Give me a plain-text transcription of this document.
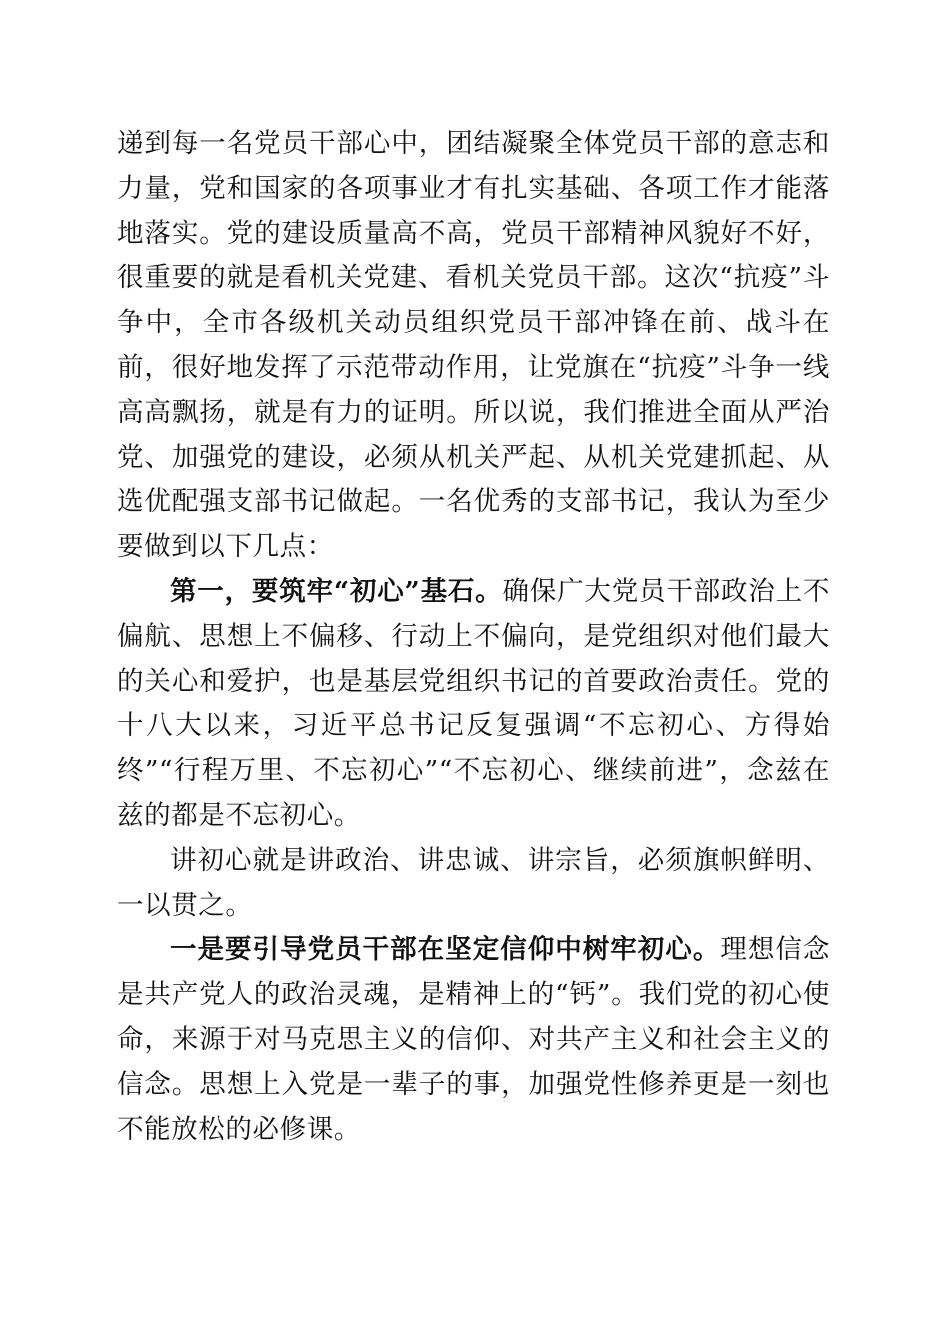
递到每一名党员干部心中，团结凝聚全体党员干部的意志和力量，党和国家的各项事业才有扎实基础、各项工作才能落地落实。党的建设质量高不高，党员干部精神风貌好不好，很重要的就是看机关党建、看机关党员干部。这次“抗疫”斗争中，全市各级机关动员组织党员干部冲锋在前、战斗在前，很好地发挥了示范带动作用，让党旗在“抗疫”斗争一线高高飘扬，就是有力的证明。所以说，我们推进全面从严治党、加强党的建设，必须从机关严起、从机关党建抓起、从选优配强支部书记做起。一名优秀的支部书记，我认为至少要做到以下几点：

第一，要筑牢“初心”基石。确保广大党员干部政治上不偏航、思想上不偏移、行动上不偏向，是党组织对他们最大的关心和爱护，也是基层党组织书记的首要政治责任。党的十八大以来，习近平总书记反复强调“不忘初心、方得始终”“行程万里、不忘初心”“不忘初心、继续前进”，念兹在兹的都是不忘初心。

讲初心就是讲政治、讲忠诚、讲宗旨，必须旗帜鲜明、一以贯之。

一是要引导党员干部在坚定信仰中树牢初心。理想信念是共产党人的政治灵魂，是精神上的“钙”。我们党的初心使命，来源于对马克思主义的信仰、对共产主义和社会主义的信念。思想上入党是一辈子的事，加强党性修养更是一刻也不能放松的必修课。
